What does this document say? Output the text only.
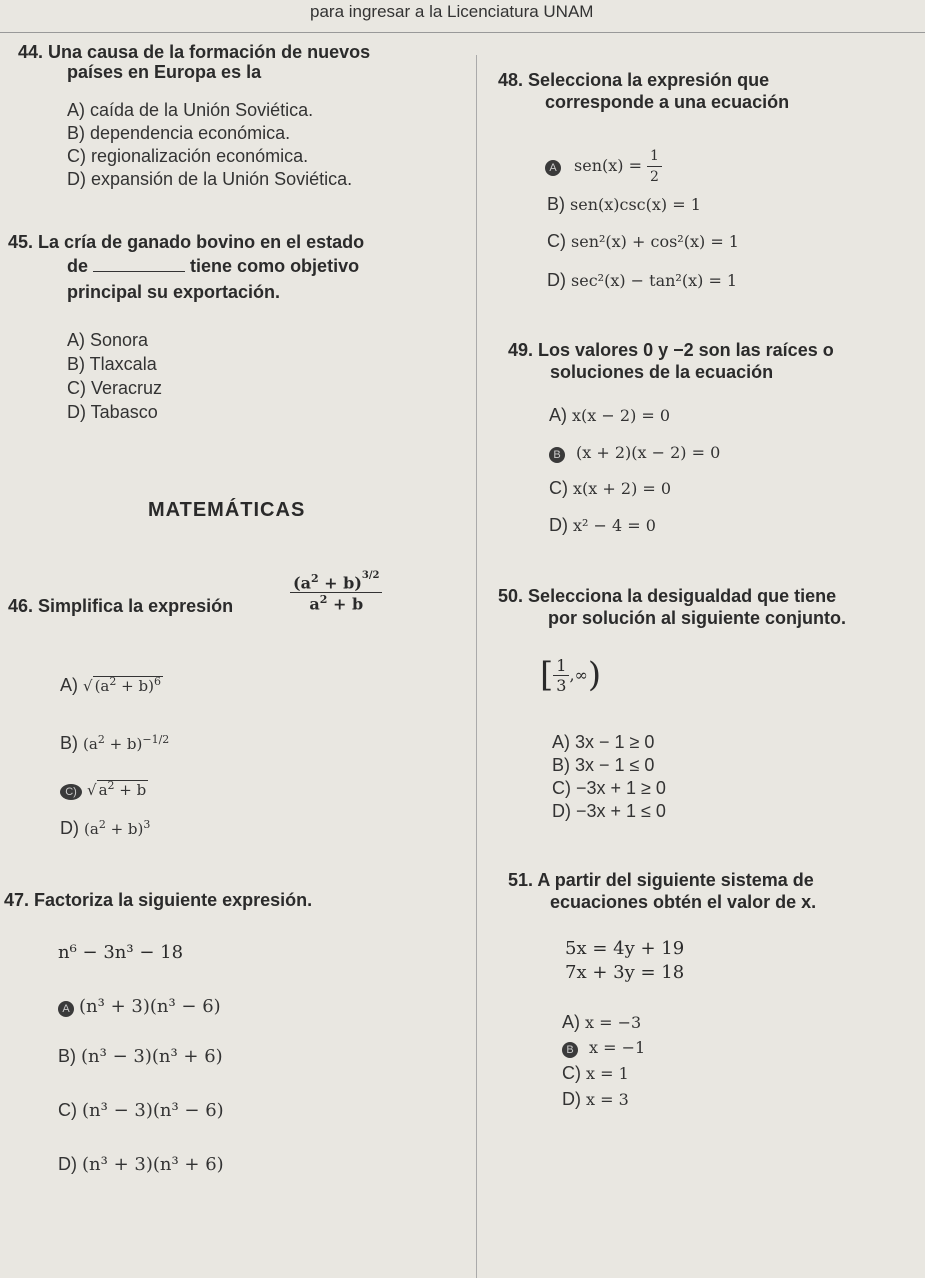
para ingresar a la Licenciatura UNAM
44. Una causa de la formación de nuevos
países en Europa es la
A) caída de la Unión Soviética.
B) dependencia económica.
C) regionalización económica.
D) expansión de la Unión Soviética.
45. La cría de ganado bovino en el estado
de	tiene como objetivo
principal su exportación.
A) Sonora
B) Tlaxcala
C) Veracruz
D) Tabasco
MATEMÁTICAS
46. Simplifica la expresión	$\frac{(a^2 + b)^{3/2}}{a^2 + b}$
A) √ $(a^2 + b)^6$
B) $(a^2 + b)^{-1/2}$
C) √ $a^2 + b$
D) $(a^2 + b)^3$
47. Factoriza la siguiente expresión.
n⁶ − 3n³ − 18
A (n³ + 3)(n³ − 6)
B) (n³ − 3)(n³ + 6)
C) (n³ − 3)(n³ − 6)
D) (n³ + 3)(n³ + 6)
48. Selecciona la expresión que
corresponde a una ecuación
A $sen(x) = \frac{1}{2}$
B) sen(x)csc(x) = 1
C) sen²(x) + cos²(x) = 1
D) sec²(x) − tan²(x) = 1
49. Los valores 0 y −2 son las raíces o
soluciones de la ecuación
A) x(x − 2) = 0
B (x + 2)(x − 2) = 0
C) x(x + 2) = 0
D) x² − 4 = 0
50. Selecciona la desigualdad que tiene
por solución al siguiente conjunto.
[ $\frac{1}{3}$ ,∞)
A) 3x − 1 ≥ 0
B) 3x − 1 ≤ 0
C) −3x + 1 ≥ 0
D) −3x + 1 ≤ 0
51. A partir del siguiente sistema de
ecuaciones obtén el valor de x.
5x = 4y + 19
7x + 3y = 18
A) x = −3
B x = −1
C) x = 1
D) x = 3
